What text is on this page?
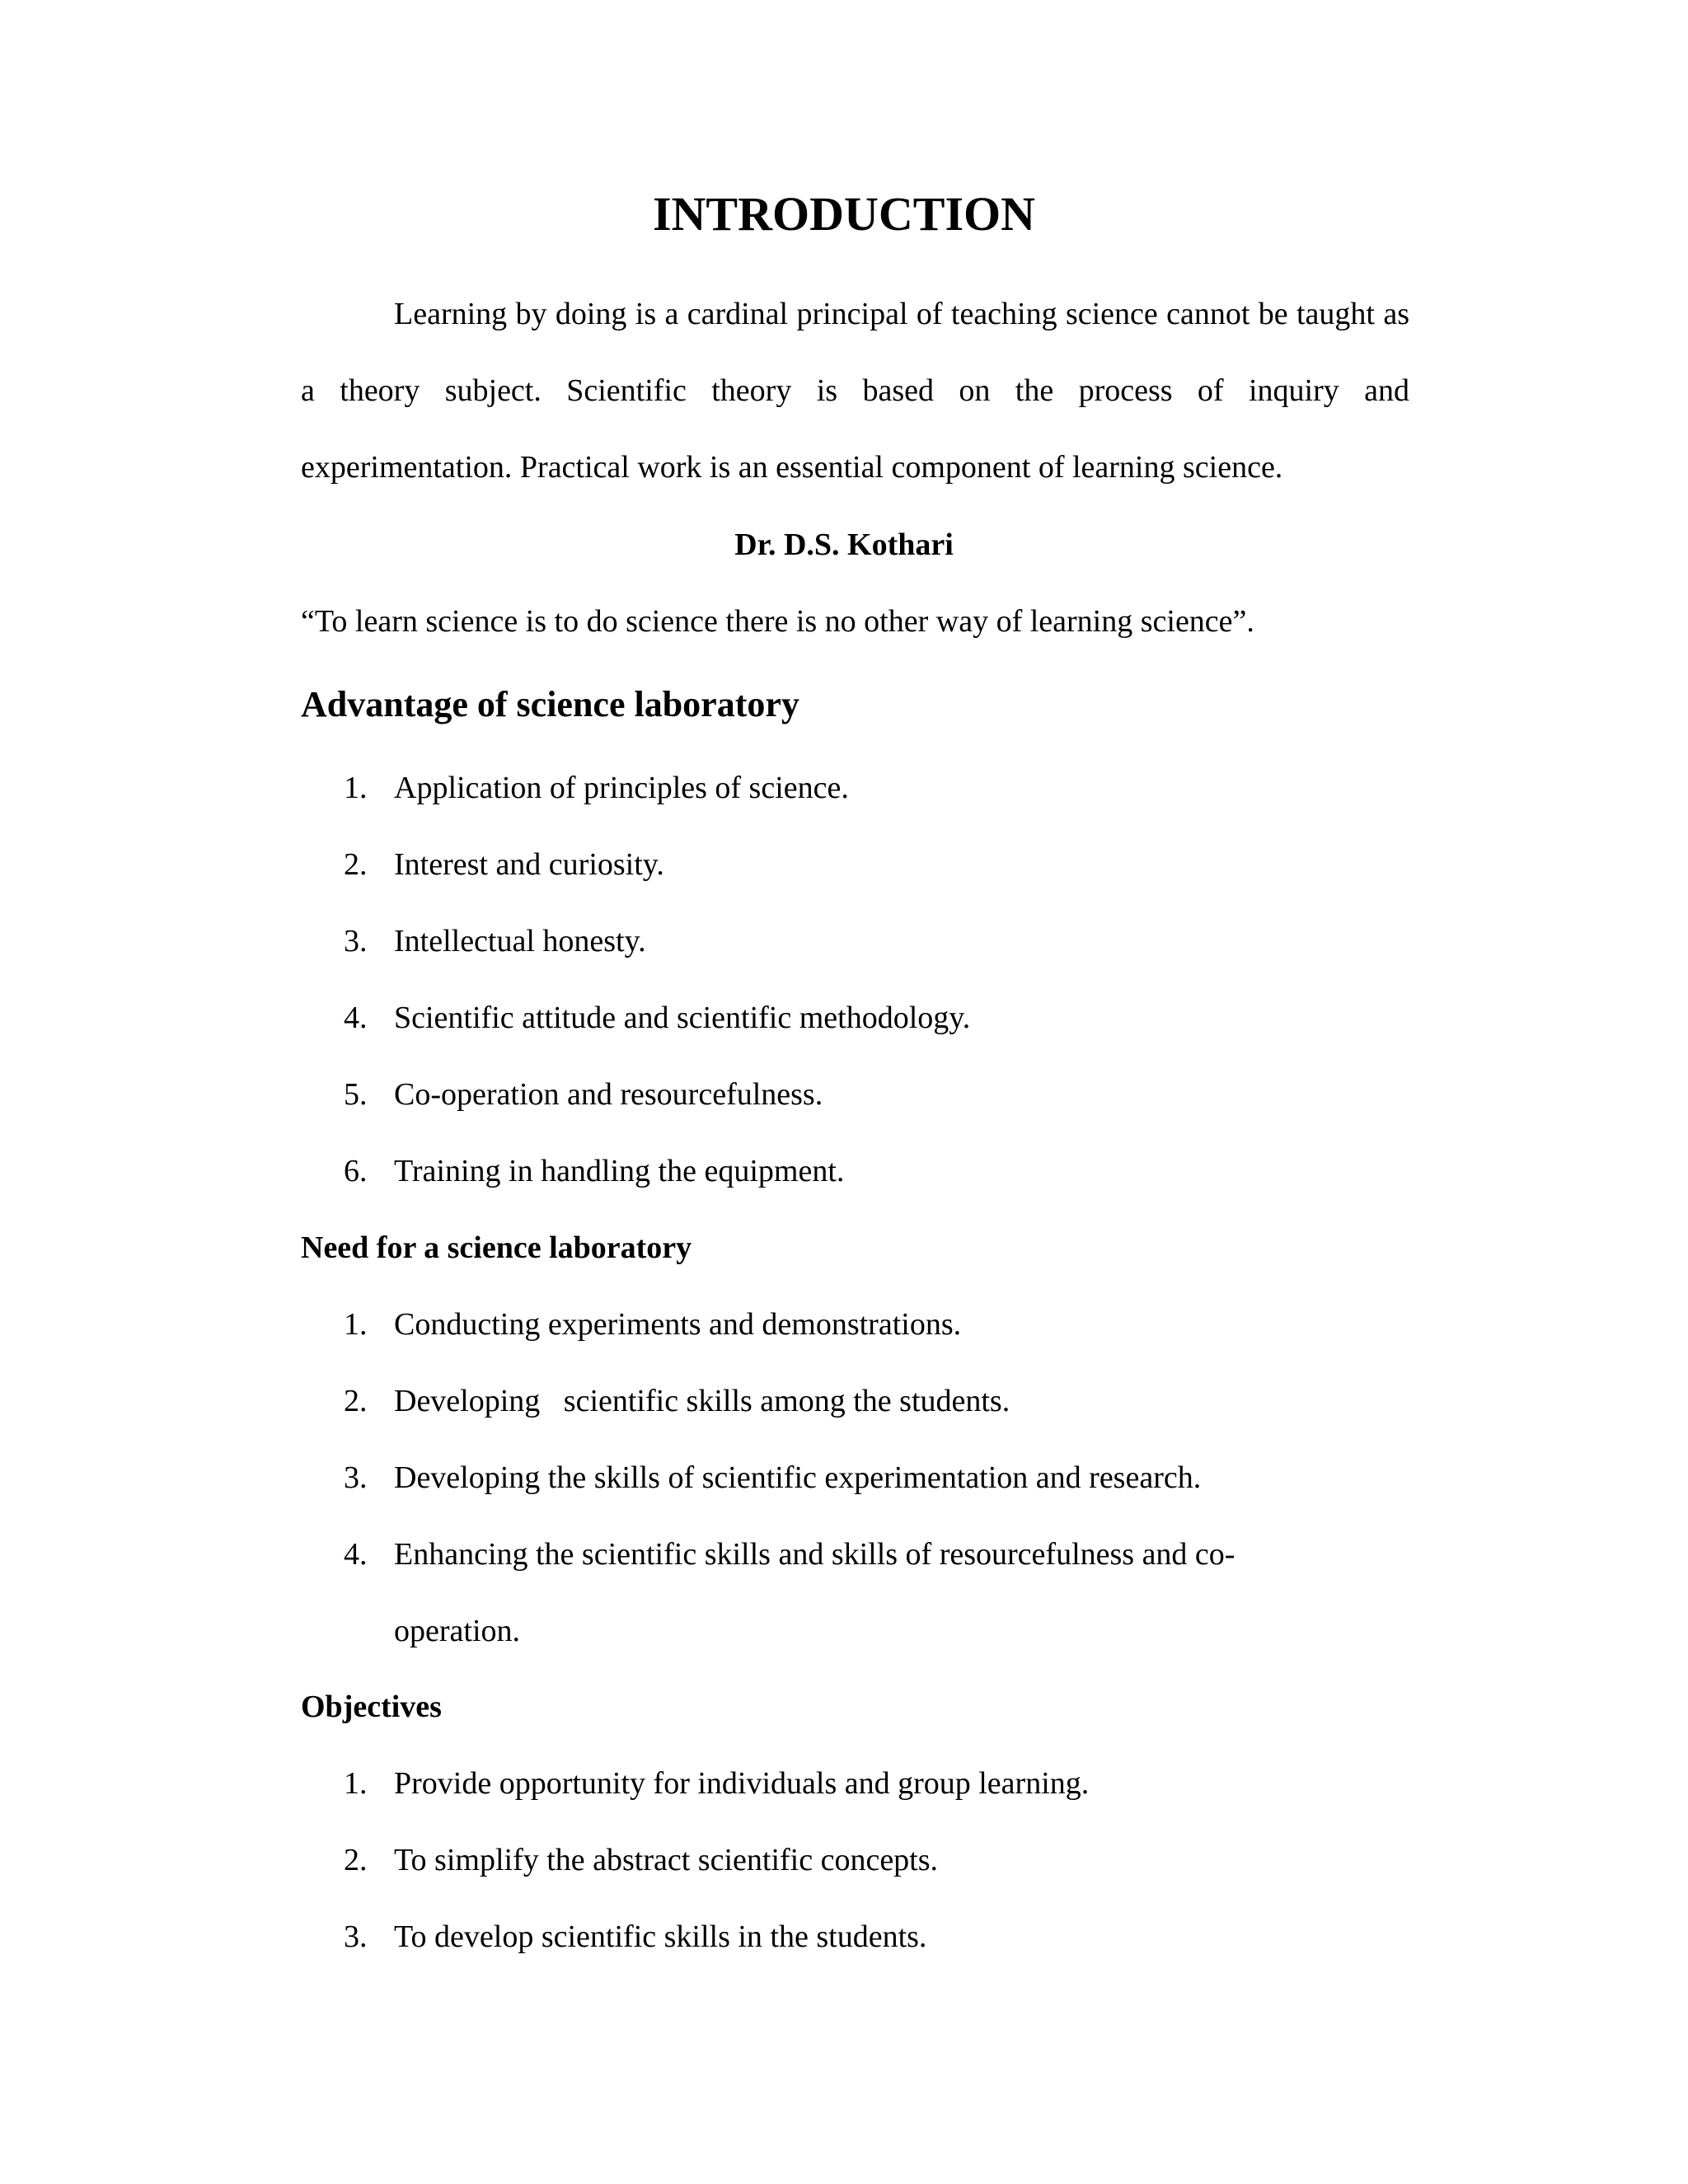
INTRODUCTION

Learning by doing is a cardinal principal of teaching science cannot be taught as a theory subject. Scientific theory is based on the process of inquiry and experimentation. Practical work is an essential component of learning science.

Dr. D.S. Kothari

“To learn science is to do science there is no other way of learning science”.

Advantage of science laboratory
1. Application of principles of science.
2. Interest and curiosity.
3. Intellectual honesty.
4. Scientific attitude and scientific methodology.
5. Co-operation and resourcefulness.
6. Training in handling the equipment.
Need for a science laboratory
1. Conducting experiments and demonstrations.
2. Developing   scientific skills among the students.
3. Developing the skills of scientific experimentation and research.
4. Enhancing the scientific skills and skills of resourcefulness and co-operation.
Objectives
1. Provide opportunity for individuals and group learning.
2. To simplify the abstract scientific concepts.
3. To develop scientific skills in the students.
